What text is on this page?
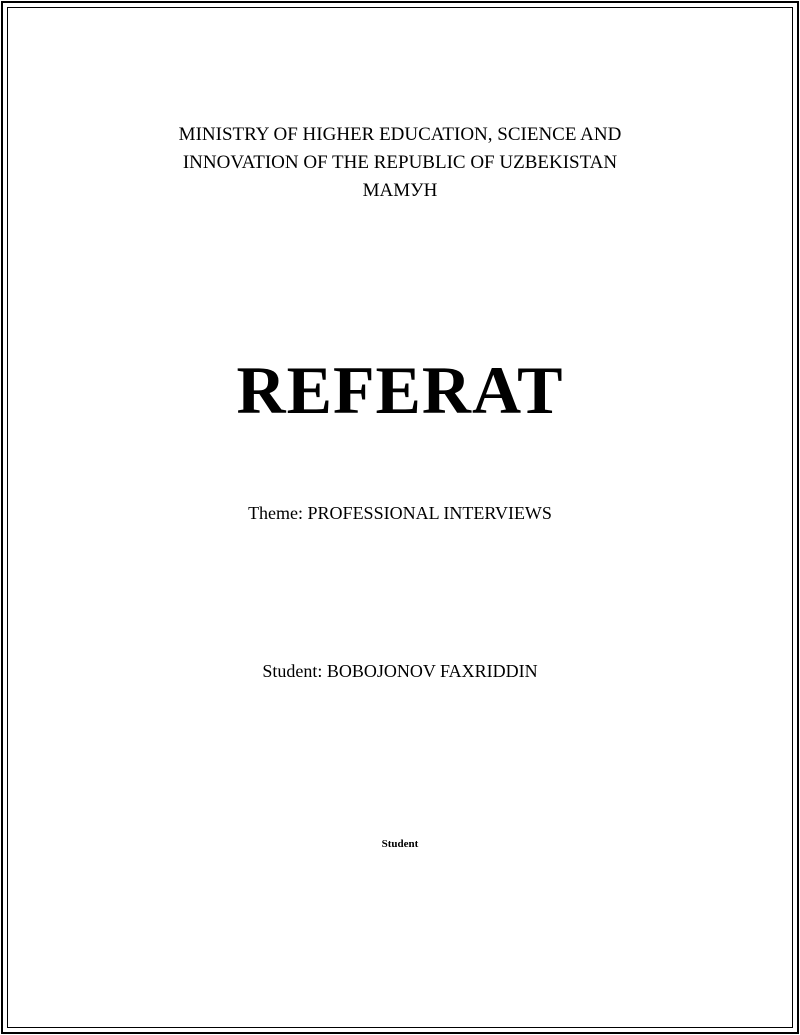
MINISTRY OF HIGHER EDUCATION, SCIENCE AND
INNOVATION OF THE REPUBLIC OF UZBEKISTAN
МАМУН
REFERAT
Theme: PROFESSIONAL INTERVIEWS
Student: BOBOJONOV FAXRIDDIN
Student
